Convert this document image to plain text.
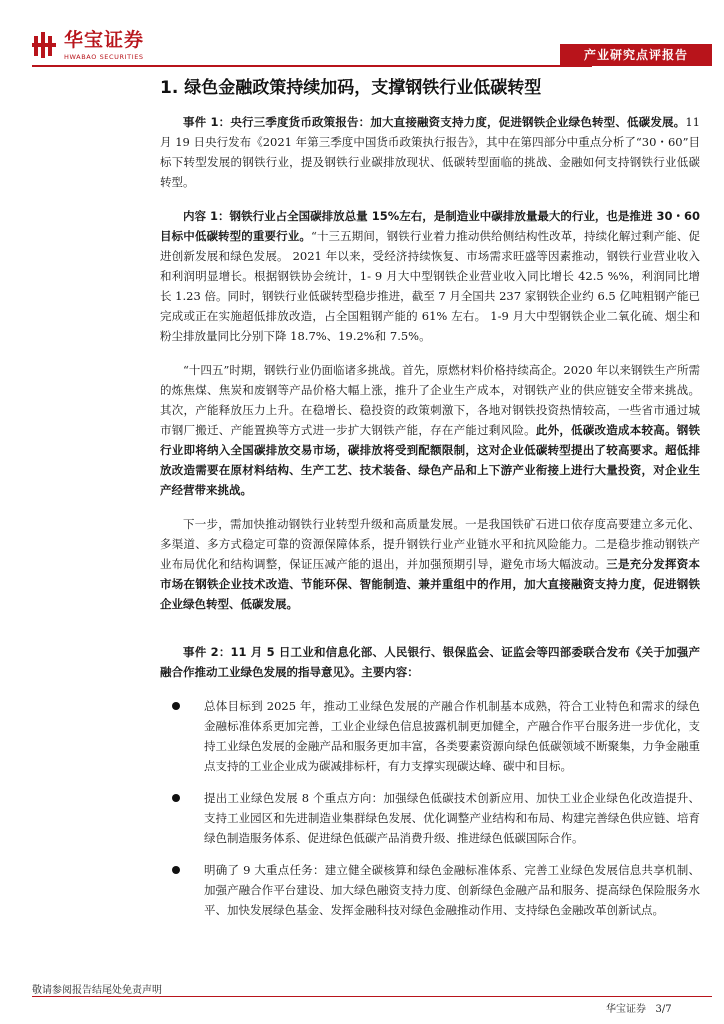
华宝证券
HWABAO SECURITIES	产业研究点评报告
1. 绿色金融政策持续加码，支撑钢铁行业低碳转型

事件 1：央行三季度货币政策报告：加大直接融资支持力度，促进钢铁企业绿色转型、低碳发展。11 月 19 日央行发布《2021 年第三季度中国货币政策执行报告》，其中在第四部分中重点分析了“30・60”目标下转型发展的钢铁行业，提及钢铁行业碳排放现状、低碳转型面临的挑战、金融如何支持钢铁行业低碳转型。

内容 1：钢铁行业占全国碳排放总量 15%左右，是制造业中碳排放量最大的行业，也是推进 30・60 目标中低碳转型的重要行业。“十三五期间，钢铁行业着力推动供给侧结构性改革，持续化解过剩产能、促进创新发展和绿色发展。 2021 年以来，受经济持续恢复、市场需求旺盛等因素推动，钢铁行业营业收入和利润明显增长。根据钢铁协会统计，1- 9 月大中型钢铁企业营业收入同比增长 42.5 %%，利润同比增长 1.23 倍。同时，钢铁行业低碳转型稳步推进，截至 7 月全国共 237 家钢铁企业约 6.5 亿吨粗钢产能已完成或正在实施超低排放改造，占全国粗钢产能的 61% 左右。 1-9 月大中型钢铁企业二氧化硫、烟尘和粉尘排放量同比分别下降 18.7%、19.2%和 7.5%。

“十四五”时期，钢铁行业仍面临诸多挑战。首先，原燃材料价格持续高企。2020 年以来钢铁生产所需的炼焦煤、焦炭和废钢等产品价格大幅上涨，推升了企业生产成本，对钢铁产业的供应链安全带来挑战。其次，产能释放压力上升。在稳增长、稳投资的政策刺激下，各地对钢铁投资热情较高，一些省市通过城市钢厂搬迁、产能置换等方式进一步扩大钢铁产能，存在产能过剩风险。此外，低碳改造成本较高。钢铁行业即将纳入全国碳排放交易市场，碳排放将受到配额限制，这对企业低碳转型提出了较高要求。超低排放改造需要在原材料结构、生产工艺、技术装备、绿色产品和上下游产业衔接上进行大量投资，对企业生产经营带来挑战。

下一步，需加快推动钢铁行业转型升级和高质量发展。一是我国铁矿石进口依存度高要建立多元化、多渠道、多方式稳定可靠的资源保障体系，提升钢铁行业产业链水平和抗风险能力。二是稳步推动钢铁产业布局优化和结构调整，保证压减产能的退出，并加强预期引导，避免市场大幅波动。三是充分发挥资本市场在钢铁企业技术改造、节能环保、智能制造、兼并重组中的作用，加大直接融资支持力度，促进钢铁企业绿色转型、低碳发展。

事件 2：11 月 5 日工业和信息化部、人民银行、银保监会、证监会等四部委联合发布《关于加强产融合作推动工业绿色发展的指导意见》。主要内容：

总体目标到 2025 年，推动工业绿色发展的产融合作机制基本成熟，符合工业特色和需求的绿色金融标准体系更加完善，工业企业绿色信息披露机制更加健全，产融合作平台服务进一步优化，支持工业绿色发展的金融产品和服务更加丰富，各类要素资源向绿色低碳领域不断聚集，力争金融重点支持的工业企业成为碳减排标杆，有力支撑实现碳达峰、碳中和目标。
提出工业绿色发展 8 个重点方向：加强绿色低碳技术创新应用、加快工业企业绿色化改造提升、支持工业园区和先进制造业集群绿色发展、优化调整产业结构和布局、构建完善绿色供应链、培育绿色制造服务体系、促进绿色低碳产品消费升级、推进绿色低碳国际合作。
明确了 9 大重点任务：建立健全碳核算和绿色金融标准体系、完善工业绿色发展信息共享机制、加强产融合作平台建设、加大绿色融资支持力度、创新绿色金融产品和服务、提高绿色保险服务水平、加快发展绿色基金、发挥金融科技对绿色金融推动作用、支持绿色金融改革创新试点。
敬请参阅报告结尾处免责声明
华宝证券 3/7
